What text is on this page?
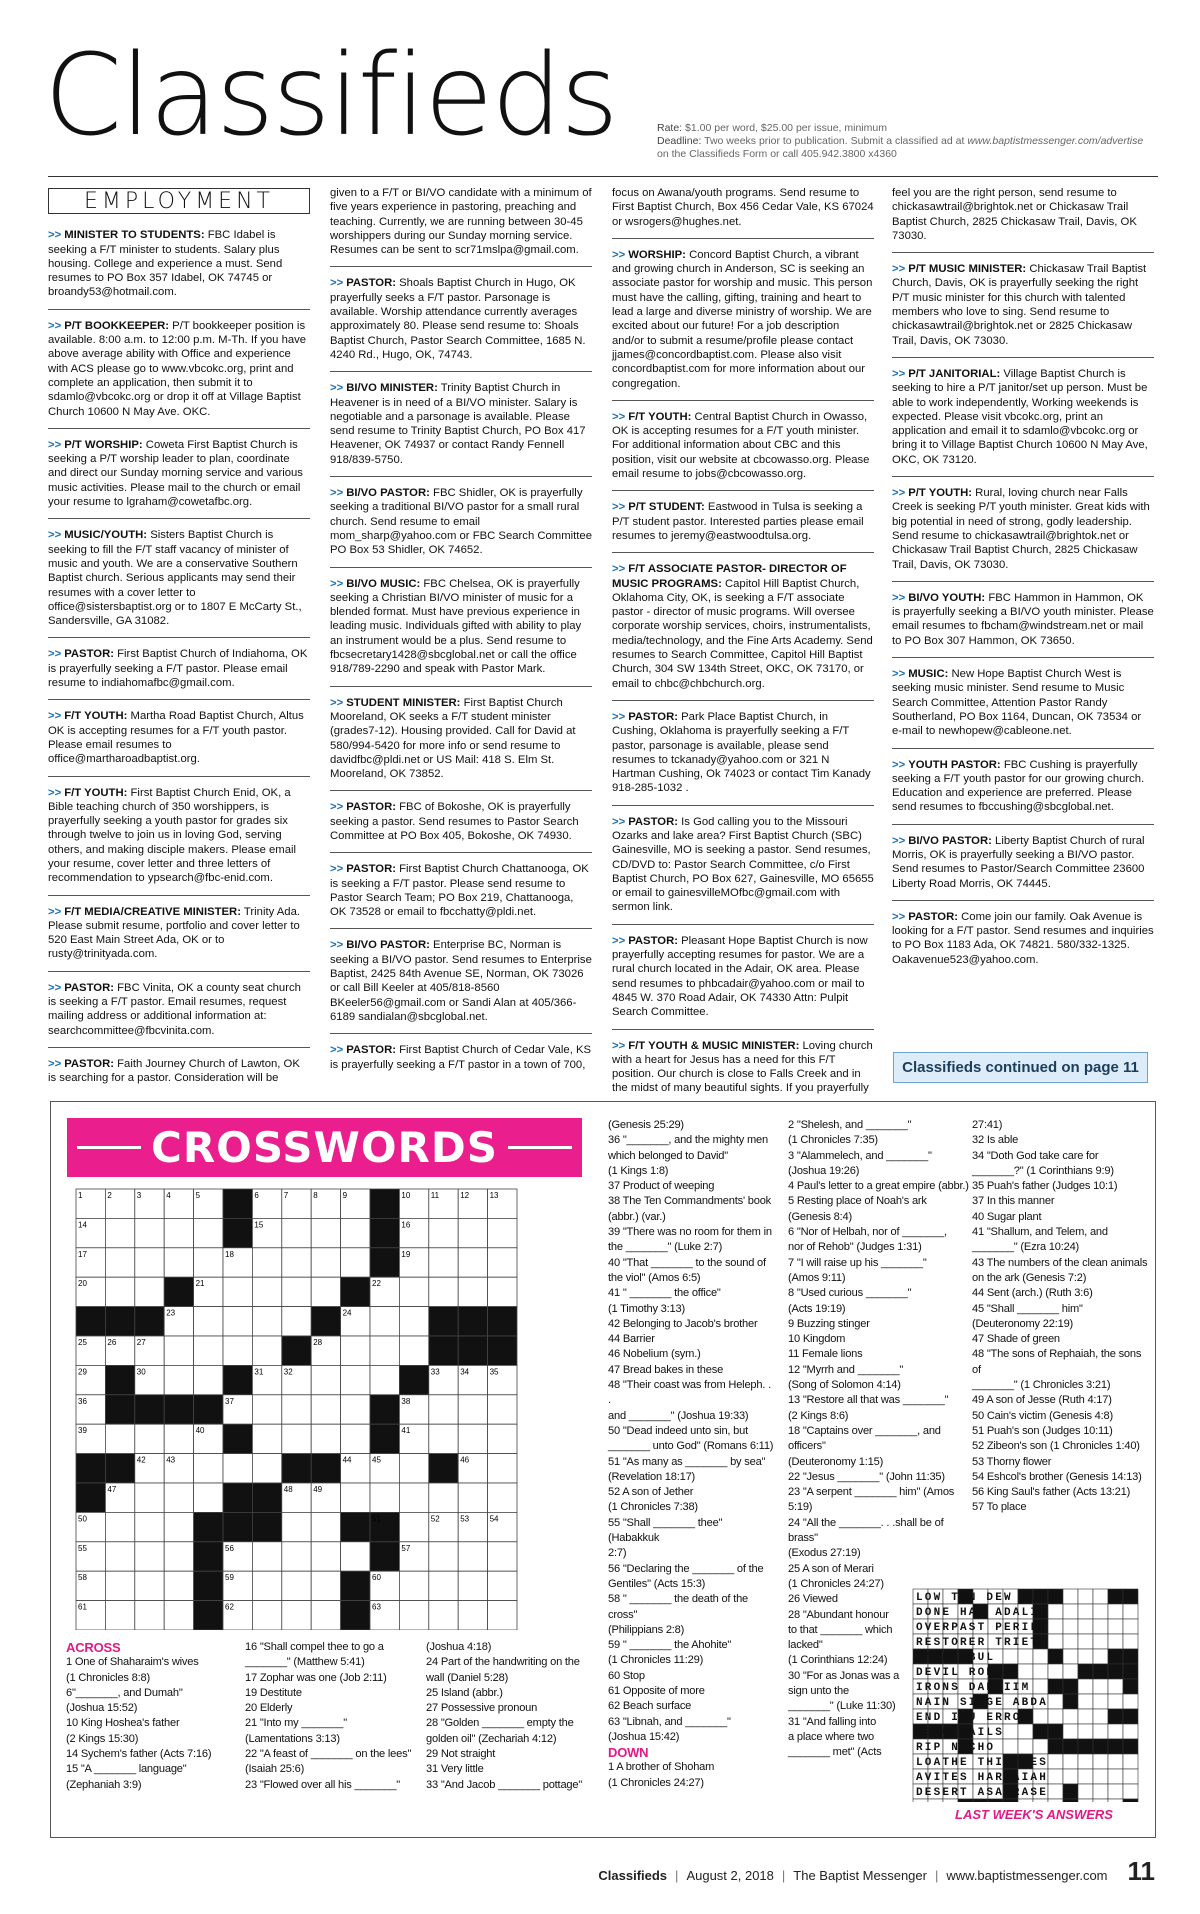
Classifieds	Rate: $1.00 per word, $25.00 per issue, minimum
Deadline: Two weeks prior to publication. Submit a classified ad at www.baptistmessenger.com/advertise on the Classifieds Form or call 405.942.3800 x4360
EMPLOYMENT
>> MINISTER TO STUDENTS: FBC Idabel is seeking a F/T minister to students. Salary plus housing. College and experience a must. Send resumes to PO Box 357 Idabel, OK 74745 or broandy53@hotmail.com.
>> P/T BOOKKEEPER: P/T bookkeeper position is available. 8:00 a.m. to 12:00 p.m. M-Th. If you have above average ability with Office and experience with ACS please go to www.vbcokc.org, print and complete an application, then submit it to sdamlo@vbcokc.org or drop it off at Village Baptist Church 10600 N May Ave. OKC.
>> P/T WORSHIP: Coweta First Baptist Church is seeking a P/T worship leader to plan, coordinate and direct our Sunday morning service and various music activities. Please mail to the church or email your resume to lgraham@cowetafbc.org.
>> MUSIC/YOUTH: Sisters Baptist Church is seeking to fill the F/T staff vacancy of minister of music and youth. We are a conservative Southern Baptist church. Serious applicants may send their resumes with a cover letter to office@sistersbaptist.org or to 1807 E McCarty St., Sandersville, GA 31082.
>> PASTOR: First Baptist Church of Indiahoma, OK is prayerfully seeking a F/T pastor. Please email resume to indiahomafbc@gmail.com.
>> F/T YOUTH: Martha Road Baptist Church, Altus OK is accepting resumes for a F/T youth pastor. Please email resumes to office@martharoadbaptist.org.
>> F/T YOUTH: First Baptist Church Enid, OK, a Bible teaching church of 350 worshippers, is prayerfully seeking a youth pastor for grades six through twelve to join us in loving God, serving others, and making disciple makers. Please email your resume, cover letter and three letters of recommendation to ypsearch@fbc-enid.com.
>> F/T MEDIA/CREATIVE MINISTER: Trinity Ada. Please submit resume, portfolio and cover letter to 520 East Main Street Ada, OK or to rusty@trinityada.com.
>> PASTOR: FBC Vinita, OK a county seat church is seeking a F/T pastor. Email resumes, request mailing address or additional information at: searchcommittee@fbcvinita.com.
>> PASTOR: Faith Journey Church of Lawton, OK is searching for a pastor. Consideration will be
given to a F/T or BI/VO candidate with a minimum of five years experience in pastoring, preaching and teaching. Currently, we are running between 30-45 worshippers during our Sunday morning service. Resumes can be sent to scr71mslpa@gmail.com.
>> PASTOR: Shoals Baptist Church in Hugo, OK prayerfully seeks a F/T pastor. Parsonage is available. Worship attendance currently averages approximately 80. Please send resume to: Shoals Baptist Church, Pastor Search Committee, 1685 N. 4240 Rd., Hugo, OK, 74743.
>> BI/VO MINISTER: Trinity Baptist Church in Heavener is in need of a BI/VO minister. Salary is negotiable and a parsonage is available. Please send resume to Trinity Baptist Church, PO Box 417 Heavener, OK 74937 or contact Randy Fennell 918/839-5750.
>> BI/VO PASTOR: FBC Shidler, OK is prayerfully seeking a traditional BI/VO pastor for a small rural church. Send resume to email mom_sharp@yahoo.com or FBC Search Committee PO Box 53 Shidler, OK 74652.
>> BI/VO MUSIC: FBC Chelsea, OK is prayerfully seeking a Christian BI/VO minister of music for a blended format. Must have previous experience in leading music. Individuals gifted with ability to play an instrument would be a plus. Send resume to fbcsecretary1428@sbcglobal.net or call the office 918/789-2290 and speak with Pastor Mark.
>> STUDENT MINISTER: First Baptist Church Mooreland, OK seeks a F/T student minister (grades7-12). Housing provided. Call for David at 580/994-5420 for more info or send resume to davidfbc@pldi.net or US Mail: 418 S. Elm St. Mooreland, OK 73852.
>> PASTOR: FBC of Bokoshe, OK is prayerfully seeking a pastor. Send resumes to Pastor Search Committee at PO Box 405, Bokoshe, OK 74930.
>> PASTOR: First Baptist Church Chattanooga, OK is seeking a F/T pastor. Please send resume to Pastor Search Team; PO Box 219, Chattanooga, OK 73528 or email to fbcchatty@pldi.net.
>> BI/VO PASTOR: Enterprise BC, Norman is seeking a BI/VO pastor. Send resumes to Enterprise Baptist, 2425 84th Avenue SE, Norman, OK 73026 or call Bill Keeler at 405/818-8560 BKeeler56@gmail.com or Sandi Alan at 405/366-6189 sandialan@sbcglobal.net.
>> PASTOR: First Baptist Church of Cedar Vale, KS is prayerfully seeking a F/T pastor in a town of 700,
focus on Awana/youth programs. Send resume to First Baptist Church, Box 456 Cedar Vale, KS 67024 or wsrogers@hughes.net.
>> WORSHIP: Concord Baptist Church, a vibrant and growing church in Anderson, SC is seeking an associate pastor for worship and music. This person must have the calling, gifting, training and heart to lead a large and diverse ministry of worship. We are excited about our future! For a job description and/or to submit a resume/profile please contact jjames@concordbaptist.com. Please also visit concordbaptist.com for more information about our congregation.
>> F/T YOUTH: Central Baptist Church in Owasso, OK is accepting resumes for a F/T youth minister. For additional information about CBC and this position, visit our website at cbcowasso.org. Please email resume to jobs@cbcowasso.org.
>> P/T STUDENT: Eastwood in Tulsa is seeking a P/T student pastor. Interested parties please email resumes to jeremy@eastwoodtulsa.org.
>> F/T ASSOCIATE PASTOR- DIRECTOR OF MUSIC PROGRAMS: Capitol Hill Baptist Church, Oklahoma City, OK, is seeking a F/T associate pastor - director of music programs. Will oversee corporate worship services, choirs, instrumentalists, media/technology, and the Fine Arts Academy. Send resumes to Search Committee, Capitol Hill Baptist Church, 304 SW 134th Street, OKC, OK 73170, or email to chbc@chbchurch.org.
>> PASTOR: Park Place Baptist Church, in Cushing, Oklahoma is prayerfully seeking a F/T pastor, parsonage is available, please send resumes to tckanady@yahoo.com or 321 N Hartman Cushing, Ok 74023 or contact Tim Kanady 918-285-1032 .
>> PASTOR: Is God calling you to the Missouri Ozarks and lake area? First Baptist Church (SBC) Gainesville, MO is seeking a pastor. Send resumes, CD/DVD to: Pastor Search Committee, c/o First Baptist Church, PO Box 627, Gainesville, MO 65655 or email to gainesvilleMOfbc@gmail.com with sermon link.
>> PASTOR: Pleasant Hope Baptist Church is now prayerfully accepting resumes for pastor. We are a rural church located in the Adair, OK area. Please send resumes to phbcadair@yahoo.com or mail to 4845 W. 370 Road Adair, OK 74330 Attn: Pulpit Search Committee.
>> F/T YOUTH & MUSIC MINISTER: Loving church with a heart for Jesus has a need for this F/T position. Our church is close to Falls Creek and in the midst of many beautiful sights. If you prayerfully
feel you are the right person, send resume to chickasawtrail@brightok.net or Chickasaw Trail Baptist Church, 2825 Chickasaw Trail, Davis, OK 73030.
>> P/T MUSIC MINISTER: Chickasaw Trail Baptist Church, Davis, OK is prayerfully seeking the right P/T music minister for this church with talented members who love to sing. Send resume to chickasawtrail@brightok.net or 2825 Chickasaw Trail, Davis, OK 73030.
>> P/T JANITORIAL: Village Baptist Church is seeking to hire a P/T janitor/set up person. Must be able to work independently, Working weekends is expected. Please visit vbcokc.org, print an application and email it to sdamlo@vbcokc.org or bring it to Village Baptist Church 10600 N May Ave, OKC, OK 73120.
>> P/T YOUTH: Rural, loving church near Falls Creek is seeking P/T youth minister. Great kids with big potential in need of strong, godly leadership. Send resume to chickasawtrail@brightok.net or Chickasaw Trail Baptist Church, 2825 Chickasaw Trail, Davis, OK 73030.
>> BI/VO YOUTH: FBC Hammon in Hammon, OK is prayerfully seeking a BI/VO youth minister. Please email resumes to fbcham@windstream.net or mail to PO Box 307 Hammon, OK 73650.
>> MUSIC: New Hope Baptist Church West is seeking music minister. Send resume to Music Search Committee, Attention Pastor Randy Southerland, PO Box 1164, Duncan, OK 73534 or e-mail to newhopew@cableone.net.
>> YOUTH PASTOR: FBC Cushing is prayerfully seeking a F/T youth pastor for our growing church. Education and experience are preferred. Please send resumes to fbccushing@sbcglobal.net.
>> BI/VO PASTOR: Liberty Baptist Church of rural Morris, OK is prayerfully seeking a BI/VO pastor. Send resumes to Pastor/Search Committee 23600 Liberty Road Morris, OK 74445.
>> PASTOR: Come join our family. Oak Avenue is looking for a F/T pastor. Send resumes and inquiries to PO Box 1183 Ada, OK 74821. 580/332-1325. Oakavenue523@yahoo.com.
Classifieds continued on page 11
CROSSWORDS
1	2	3	4	5	6	7	8	9	10	11	12	13
14	15	16
17	18	19
20	21	22
23	24
25	26	27	28
29	30	31	32	33	34	35
36	37	38
39	40	41
42	43	44	45	46
47	48	49
50	51	52	53	54
55	56	57
58	59	60
61	62	63
ACROSS
1 One of Shaharaim's wives
(1 Chronicles 8:8)
6"_______, and Dumah"
(Joshua 15:52)
10 King Hoshea's father
(2 Kings 15:30)
14 Sychem's father (Acts 7:16)
15 "A _______ language"
(Zephaniah 3:9)
16 "Shall compel thee to go a
_______" (Matthew 5:41)
17 Zophar was one (Job 2:11)
19 Destitute
20 Elderly
21 "Into my _______"
(Lamentations 3:13)
22 "A feast of _______ on the lees"
(Isaiah 25:6)
23 "Flowed over all his _______"
(Joshua 4:18)
24 Part of the handwriting on the
wall (Daniel 5:28)
25 Island (abbr.)
27 Possessive pronoun
28 "Golden _______ empty the
golden oil" (Zechariah 4:12)
29 Not straight
31 Very little
33 "And Jacob _______ pottage"
(Genesis 25:29)
36 "_______, and the mighty men
which belonged to David"
(1 Kings 1:8)
37 Product of weeping
38 The Ten Commandments' book
(abbr.) (var.)
39 "There was no room for them in
the _______" (Luke 2:7)
40 "That _______ to the sound of
the viol" (Amos 6:5)
41 " _______ the office"
(1 Timothy 3:13)
42 Belonging to Jacob's brother
44 Barrier
46 Nobelium (sym.)
47 Bread bakes in these
48 "Their coast was from Heleph. . .
and _______" (Joshua 19:33)
50 "Dead indeed unto sin, but
_______ unto God" (Romans 6:11)
51 "As many as _______ by sea"
(Revelation 18:17)
52 A son of Jether
(1 Chronicles 7:38)
55 "Shall _______ thee" (Habakkuk
2:7)
56 "Declaring the _______ of the
Gentiles" (Acts 15:3)
58 " _______ the death of the cross"
(Philippians 2:8)
59 " _______ the Ahohite"
(1 Chronicles 11:29)
60 Stop
61 Opposite of more
62 Beach surface
63 "Libnah, and _______"
(Joshua 15:42)
DOWN
1 A brother of Shoham
(1 Chronicles 24:27)
2 "Shelesh, and _______"
(1 Chronicles 7:35)
3 "Alammelech, and _______"
(Joshua 19:26)
4 Paul's letter to a great empire (abbr.)
5 Resting place of Noah's ark
(Genesis 8:4)
6 "Nor of Helbah, nor of _______,
nor of Rehob" (Judges 1:31)
7 "I will raise up his _______"
(Amos 9:11)
8 "Used curious _______"
(Acts 19:19)
9 Buzzing stinger
10 Kingdom
11 Female lions
12 "Myrrh and _______"
(Song of Solomon 4:14)
13 "Restore all that was _______"
(2 Kings 8:6)
18 "Captains over _______, and
officers"
(Deuteronomy 1:15)
22 "Jesus _______" (John 11:35)
23 "A serpent _______ him" (Amos
5:19)
24 "All the _______. . .shall be of
brass"
(Exodus 27:19)
25 A son of Merari
(1 Chronicles 24:27)
26 Viewed
28 "Abundant honour
to that _______ which
lacked"
(1 Corinthians 12:24)
30 "For as Jonas was a
sign unto the
_______" (Luke 11:30)
31 "And falling into
a place where two
_______ met" (Acts
27:41)
32 Is able
34 "Doth God take care for
_______?" (1 Corinthians 9:9)
35 Puah's father (Judges 10:1)
37 In this manner
40 Sugar plant
41 "Shallum, and Telem, and
_______" (Ezra 10:24)
43 The numbers of the clean animals
on the ark (Genesis 7:2)
44 Sent (arch.) (Ruth 3:6)
45 "Shall _______ him"
(Deuteronomy 22:19)
47 Shade of green
48 "The sons of Rephaiah, the sons of
_______" (1 Chronicles 3:21)
49 A son of Jesse (Ruth 4:17)
50 Cain's victim (Genesis 4:8)
51 Puah's son (Judges 10:11)
52 Zibeon's son (1 Chronicles 1:40)
53 Thorny flower
54 Eshcol's brother (Genesis 14:13)
56 King Saul's father (Acts 13:21)
57 To place
LOW TEN DEW
DONE HAI ADALIA
OVERPAST PERILS
RESTORER TRIETH
LADED BUL
DEVIL ROES
IRONS DAN IIM
NAIN SIEGE ABDA
END IRU ERROR
BENO NAILS
RIP NECHO
LOATHE THISTLES
AVITES HARHAIAH
DESERT ASA RASE
LAST WEEK'S ANSWERS
Classifieds | August 2, 2018 | The Baptist Messenger | www.baptistmessenger.com 11
